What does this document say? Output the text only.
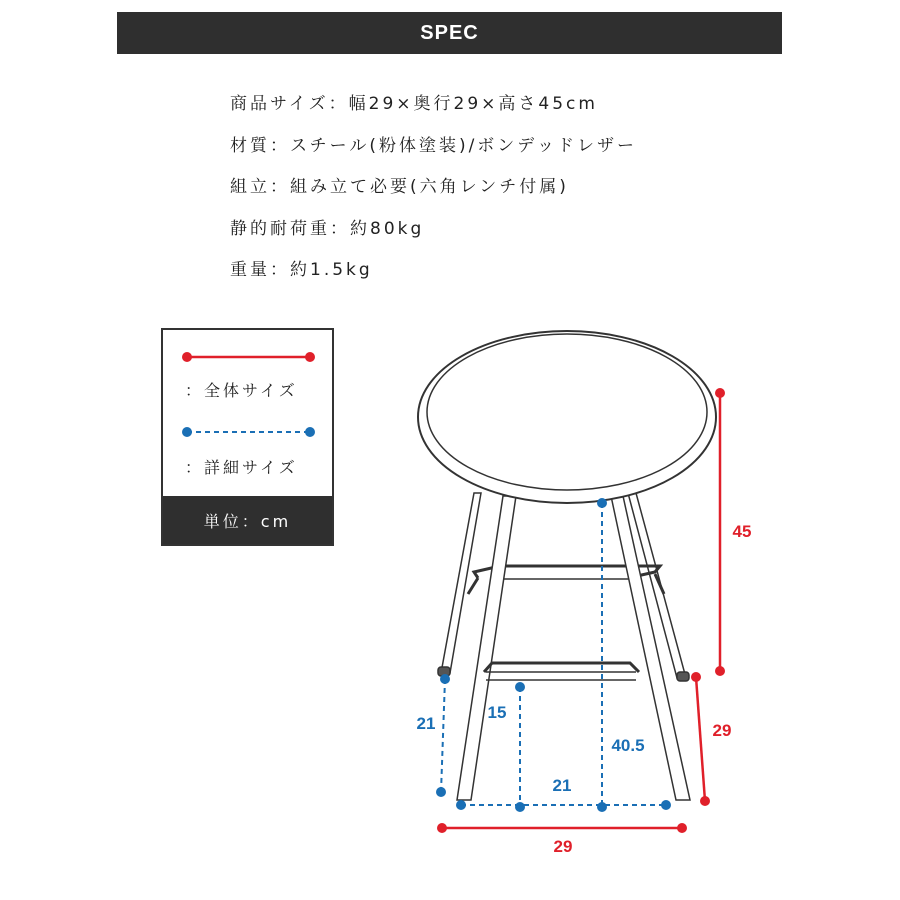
SPEC
商品サイズ：幅29×奥行29×高さ45cm
材質：スチール(粉体塗装)/ボンデッドレザー
組立：組み立て必要(六角レンチ付属)
静的耐荷重：約80kg
重量：約1.5kg
：全体サイズ
：詳細サイズ
単位：cm
45
29
29
21
15
40.5
21
